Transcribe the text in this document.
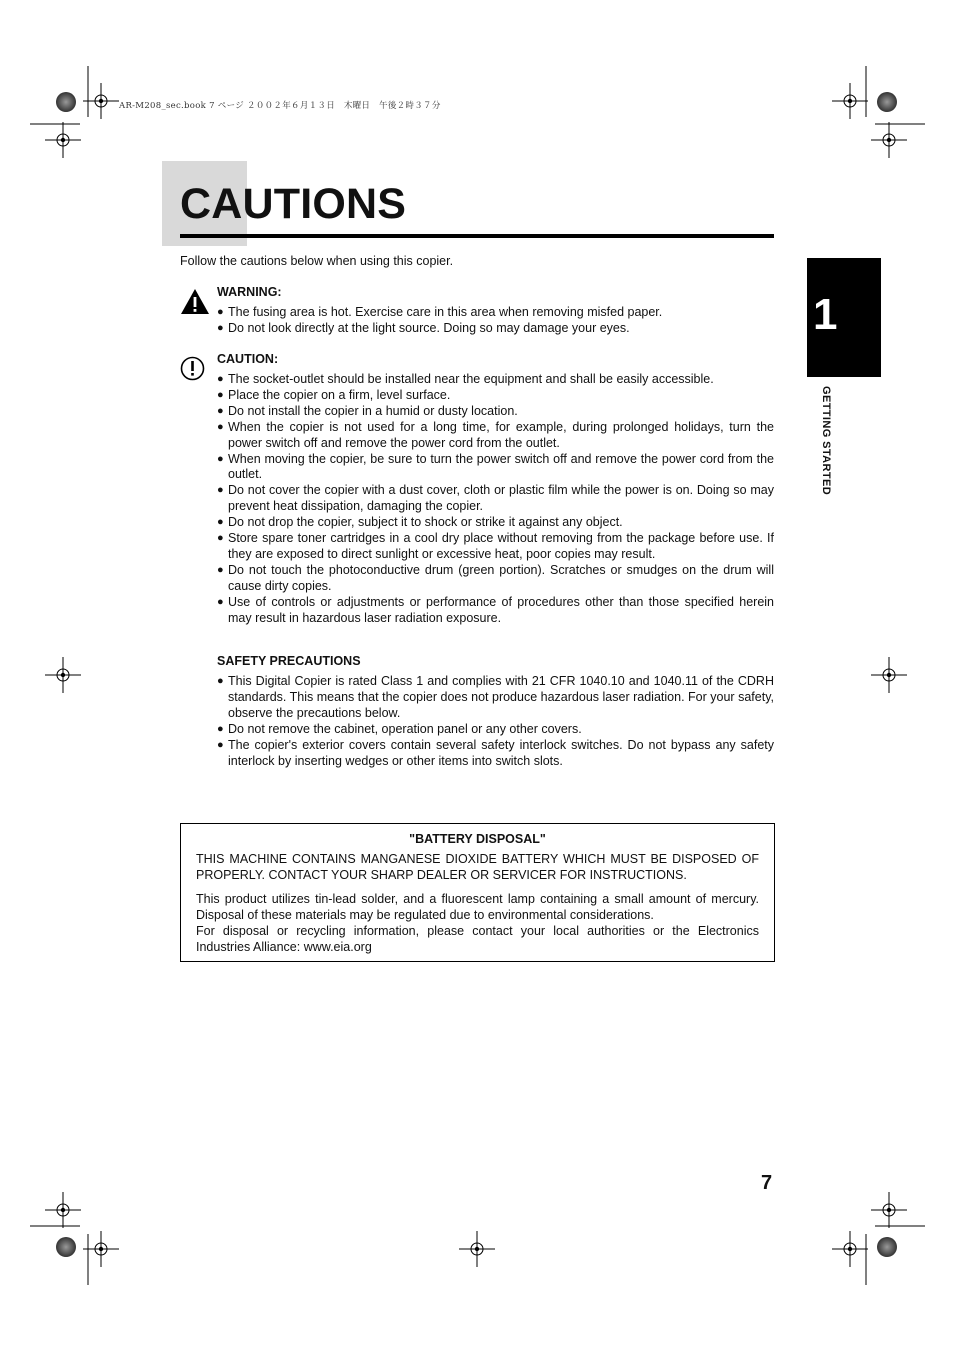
AR-M208_sec.book 7 ページ ２００２年６月１３日　木曜日　午後２時３７分
CAUTIONS
Follow the cautions below when using this copier.
WARNING:
● The fusing area is hot. Exercise care in this area when removing misfed paper.
● Do not look directly at the light source. Doing so may damage your eyes.
CAUTION:
● The socket-outlet should be installed near the equipment and shall be easily accessible.
● Place the copier on a firm, level surface.
● Do not install the copier in a humid or dusty location.
● When the copier is not used for a long time, for example, during prolonged holidays, turn the power switch off and remove the power cord from the outlet.
● When moving the copier, be sure to turn the power switch off and remove the power cord from the outlet.
● Do not cover the copier with a dust cover, cloth or plastic film while the power is on. Doing so may prevent heat dissipation, damaging the copier.
● Do not drop the copier, subject it to shock or strike it against any object.
● Store spare toner cartridges in a cool dry place without removing from the package before use. If they are exposed to direct sunlight or excessive heat, poor copies may result.
● Do not touch the photoconductive drum (green portion). Scratches or smudges on the drum will cause dirty copies.
● Use of controls or adjustments or performance of procedures other than those specified herein may result in hazardous laser radiation exposure.
SAFETY PRECAUTIONS
● This Digital Copier is rated Class 1 and complies with 21 CFR 1040.10 and 1040.11 of the CDRH standards. This means that the copier does not produce hazardous laser radiation. For your safety, observe the precautions below.
● Do not remove the cabinet, operation panel or any other covers.
● The copier's exterior covers contain several safety interlock switches. Do not bypass any safety interlock by inserting wedges or other items into switch slots.
1
GETTING STARTED
"BATTERY DISPOSAL"

THIS MACHINE CONTAINS MANGANESE DIOXIDE BATTERY WHICH MUST BE DISPOSED OF PROPERLY. CONTACT YOUR SHARP DEALER OR SERVICER FOR INSTRUCTIONS.

This product utilizes tin-lead solder, and a fluorescent lamp containing a small amount of mercury. Disposal of these materials may be regulated due to environmental considerations.

For disposal or recycling information, please contact your local authorities or the Electronics Industries Alliance: www.eia.org

7
